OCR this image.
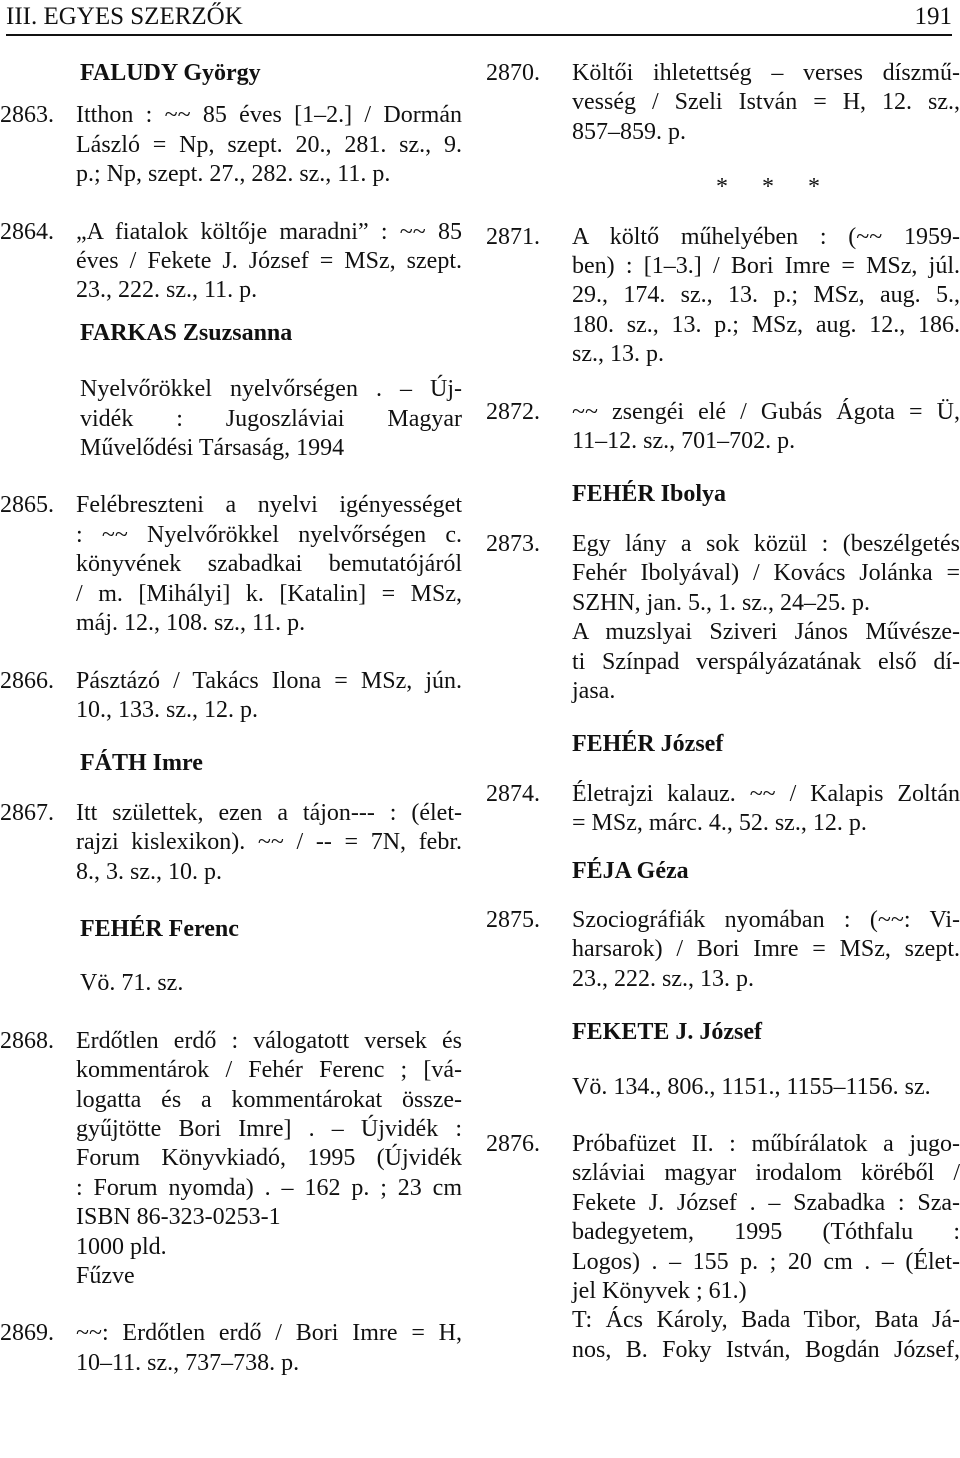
III. EGYES SZERZŐK	191
FALUDY György
2863. Itthon : ~~ 85 éves [1–2.] / Dormán
László = Np, szept. 20., 281. sz., 9.
p.; Np, szept. 27., 282. sz., 11. p.
2864. „A fiatalok költője maradni” : ~~ 85
éves / Fekete J. József = MSz, szept.
23., 222. sz., 11. p.
FARKAS Zsuzsanna
Nyelvőrökkel nyelvőrségen . – Új-
vidék : Jugoszláviai Magyar
Művelődési Társaság, 1994
2865. Felébreszteni a nyelvi igényességet
: ~~ Nyelvőrökkel nyelvőrségen c.
könyvének szabadkai bemutatójáról
/ m. [Mihályi] k. [Katalin] = MSz,
máj. 12., 108. sz., 11. p.
2866. Pásztázó / Takács Ilona = MSz, jún.
10., 133. sz., 12. p.
FÁTH Imre
2867. Itt születtek, ezen a tájon--- : (élet-
rajzi kislexikon). ~~ / -- = 7N, febr.
8., 3. sz., 10. p.
FEHÉR Ferenc
Vö. 71. sz.
2868. Erdőtlen erdő : válogatott versek és
kommentárok / Fehér Ferenc ; [vá-
logatta és a kommentárokat össze-
gyűjtötte Bori Imre] . – Újvidék :
Forum Könyvkiadó, 1995 (Újvidék
: Forum nyomda) . – 162 p. ; 23 cm
ISBN 86-323-0253-1
1000 pld.
Fűzve
2869. ~~: Erdőtlen erdő / Bori Imre = H,
10–11. sz., 737–738. p.
2870.	Költői ihletettség – verses díszmű-
vesség / Szeli István = H, 12. sz.,
857–859. p.
* * *
2871.	A költő műhelyében : (~~ 1959-
ben) : [1–3.] / Bori Imre = MSz, júl.
29., 174. sz., 13. p.; MSz, aug. 5.,
180. sz., 13. p.; MSz, aug. 12., 186.
sz., 13. p.
2872.	~~ zsengéi elé / Gubás Ágota = Ü,
11–12. sz., 701–702. p.
FEHÉR Ibolya
2873.	Egy lány a sok közül : (beszélgetés
Fehér Ibolyával) / Kovács Jolánka =
SZHN, jan. 5., 1. sz., 24–25. p.
A muzslyai Sziveri János Művésze-
ti Színpad verspályázatának első dí-
jasa.
FEHÉR József
2874.	Életrajzi kalauz. ~~ / Kalapis Zoltán
= MSz, márc. 4., 52. sz., 12. p.
FÉJA Géza
2875.	Szociográfiák nyomában : (~~: Vi-
harsarok) / Bori Imre = MSz, szept.
23., 222. sz., 13. p.
FEKETE J. József
Vö. 134., 806., 1151., 1155–1156. sz.
2876.	Próbafüzet II. : műbírálatok a jugo-
szláviai magyar irodalom köréből /
Fekete J. József . – Szabadka : Sza-
badegyetem, 1995 (Tóthfalu :
Logos) . – 155 p. ; 20 cm . – (Élet-
jel Könyvek ; 61.)
T: Ács Károly, Bada Tibor, Bata Já-
nos, B. Foky István, Bogdán József,
